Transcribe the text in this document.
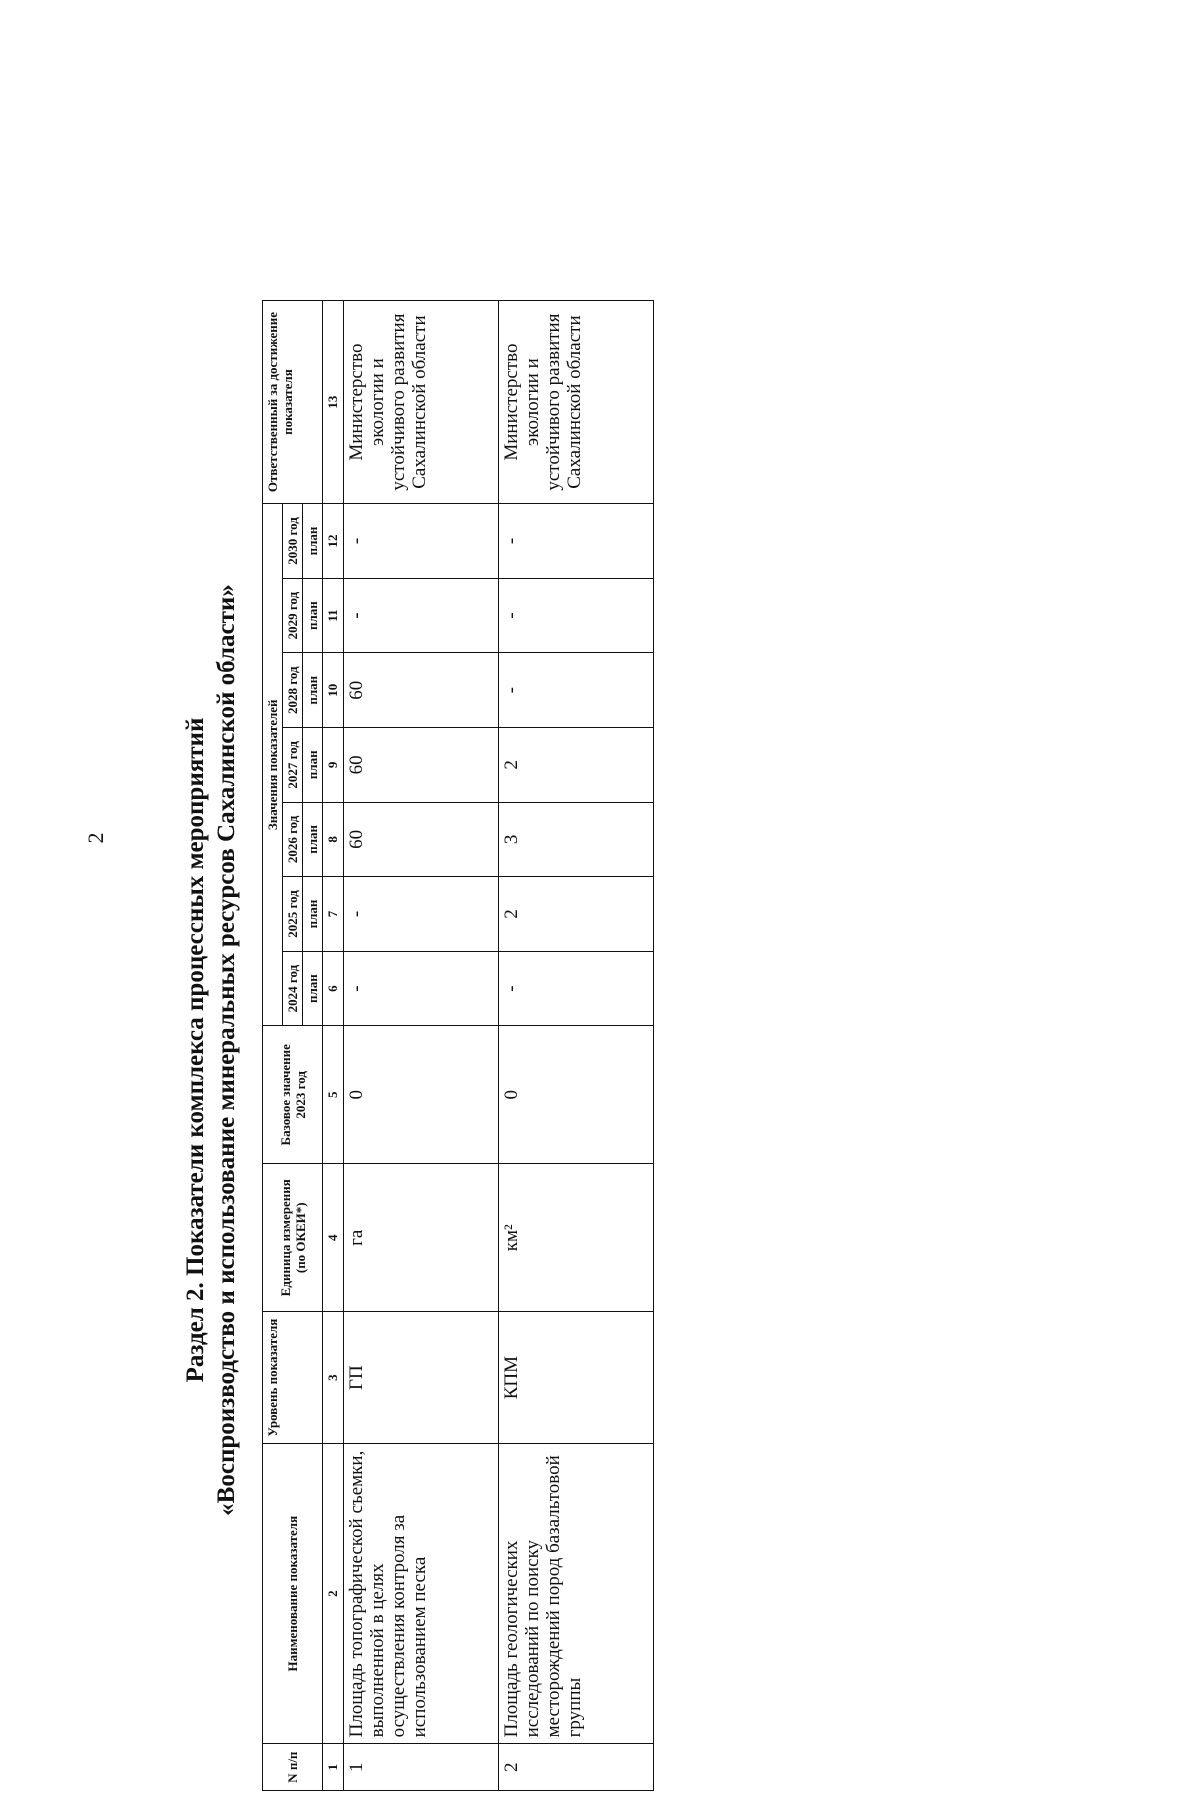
2	Раздел 2. Показатели комплекса процессных мероприятий «Воспроизводство и использование минеральных ресурсов Сахалинской области»
N п/п	Наименование показателя	Уровень показателя	Единица измерения (по ОКЕИ*)	Базовое значение 2023 год	Значения показателей							Ответственный за достижение показателя
					2024 год	2025 год	2026 год	2027 год	2028 год	2029 год	2030 год	
					план	план	план	план	план	план	план	
1	2	3	4	5	6	7	8	9	10	11	12	13
1	Площадь топографической съемки, выполненной в целях осуществления контроля за использованием песка	ГП	га	0	-	-	60	60	60	-	-	Министерство экологии и устойчивого развития Сахалинской области
2	Площадь геологических исследований по поиску месторождений пород базальтовой группы	КПМ	км²	0	-	2	3	2	-	-	-	Министерство экологии и устойчивого развития Сахалинской области
